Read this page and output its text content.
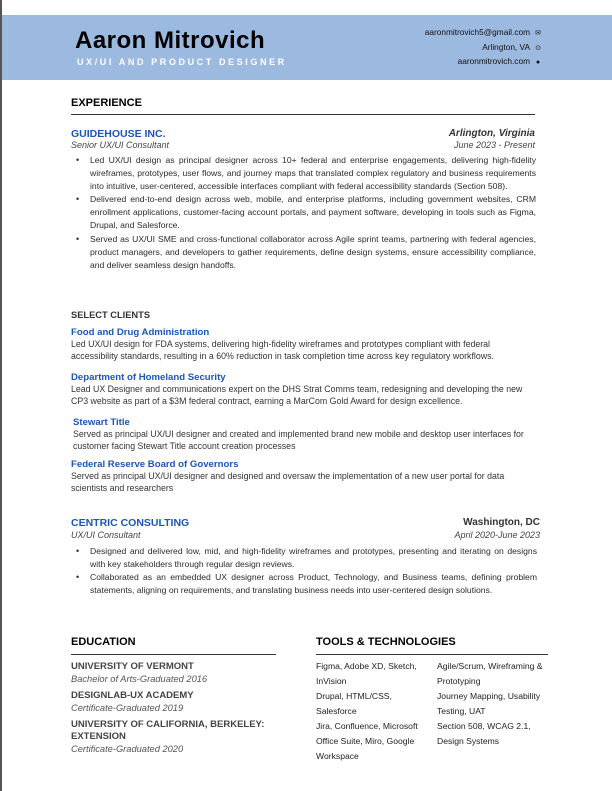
Aaron Mitrovich
UX/UI AND PRODUCT DESIGNER
aaronmitrovich5@gmail.com ✉
Arlington, VA ⊙
aaronmitrovich.com ●
EXPERIENCE
GUIDEHOUSE INC.
Senior UX/UI Consultant
Arlington, Virginia
June 2023 - Present
• Led UX/UI design as principal designer across 10+ federal and enterprise engagements, delivering high-fidelity wireframes, prototypes, user flows, and journey maps that translated complex regulatory and business requirements into intuitive, user-centered, accessible interfaces compliant with federal accessibility standards (Section 508).
• Delivered end-to-end design across web, mobile, and enterprise platforms, including government websites, CRM enrollment applications, customer-facing account portals, and payment software, developing in tools such as Figma, Drupal, and Salesforce.
• Served as UX/UI SME and cross-functional collaborator across Agile sprint teams, partnering with federal agencies, product managers, and developers to gather requirements, define design systems, ensure accessibility compliance, and deliver seamless design handoffs.
SELECT CLIENTS
Food and Drug Administration
Led UX/UI design for FDA systems, delivering high-fidelity wireframes and prototypes compliant with federal accessibility standards, resulting in a 60% reduction in task completion time across key regulatory workflows.
Department of Homeland Security
Lead UX Designer and communications expert on the DHS Strat Comms team, redesigning and developing the new CP3 website as part of a $3M federal contract, earning a MarCom Gold Award for design excellence.
Stewart Title
Served as principal UX/UI designer and created and implemented brand new mobile and desktop user interfaces for customer facing Stewart Title account creation processes
Federal Reserve Board of Governors
Served as principal UX/UI designer and designed and oversaw the implementation of a new user portal for data scientists and researchers
CENTRIC CONSULTING
UX/UI Consultant
Washington, DC
April 2020-June 2023
• Designed and delivered low, mid, and high-fidelity wireframes and prototypes, presenting and iterating on designs with key stakeholders through regular design reviews.
• Collaborated as an embedded UX designer across Product, Technology, and Business teams, defining problem statements, aligning on requirements, and translating business needs into user-centered design solutions.
EDUCATION
UNIVERSITY OF VERMONT
Bachelor of Arts-Graduated 2016
DESIGNLAB-UX ACADEMY
Certificate-Graduated 2019
UNIVERSITY OF CALIFORNIA, BERKELEY: EXTENSION
Certificate-Graduated 2020
TOOLS & TECHNOLOGIES
Figma, Adobe XD, Sketch, InVision
Agile/Scrum, Wireframing & Prototyping
Drupal, HTML/CSS, Salesforce
Journey Mapping, Usability Testing, UAT
Jira, Confluence, Microsoft Office Suite, Miro, Google Workspace
Section 508, WCAG 2.1, Design Systems
